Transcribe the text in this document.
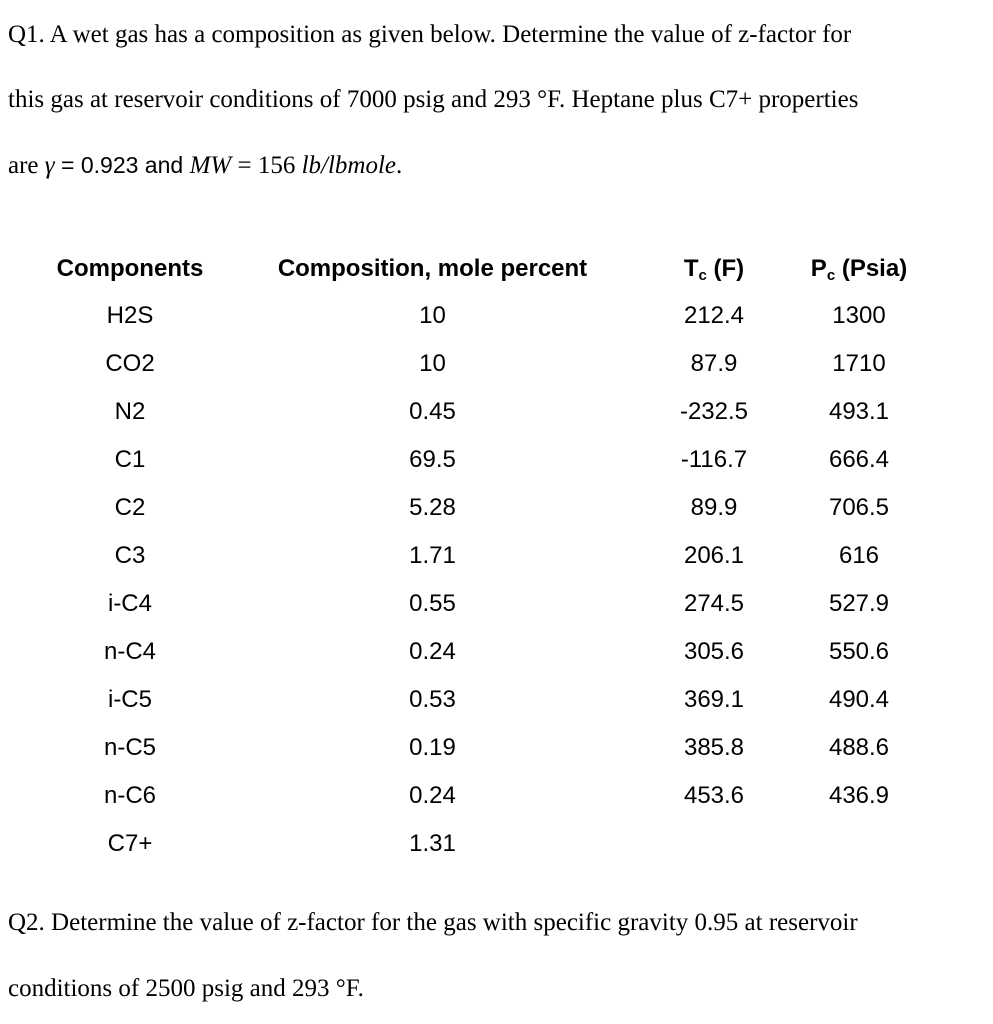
Q1. A wet gas has a composition as given below. Determine the value of z-factor for
this gas at reservoir conditions of 7000 psig and 293 °F. Heptane plus C7+ properties
are γ = 0.923 and MW = 156 lb/lbmole.
Components	Composition, mole percent	Tc (F)	Pc (Psia)
H2S	10	212.4	1300
CO2	10	87.9	1710
N2	0.45	-232.5	493.1
C1	69.5	-116.7	666.4
C2	5.28	89.9	706.5
C3	1.71	206.1	616
i-C4	0.55	274.5	527.9
n-C4	0.24	305.6	550.6
i-C5	0.53	369.1	490.4
n-C5	0.19	385.8	488.6
n-C6	0.24	453.6	436.9
C7+	1.31		
Q2. Determine the value of z-factor for the gas with specific gravity 0.95 at reservoir
conditions of 2500 psig and 293 °F.
